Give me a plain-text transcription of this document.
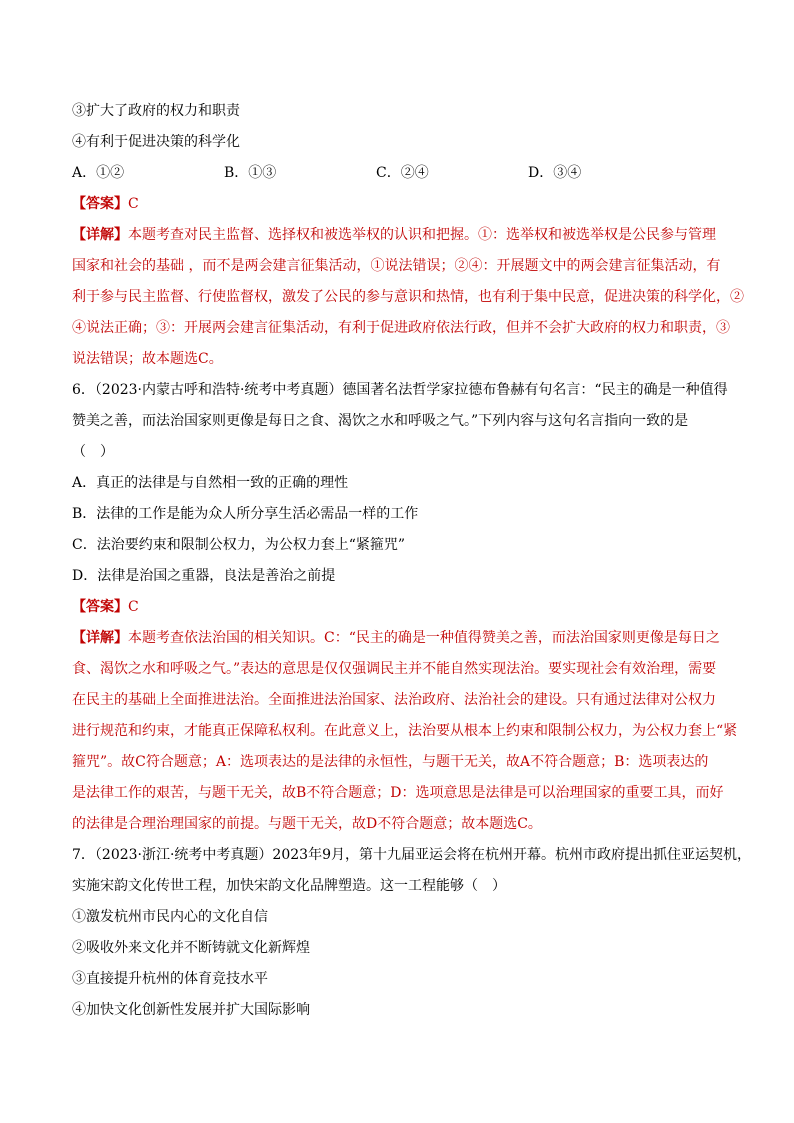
③扩大了政府的权力和职责
④有利于促进决策的科学化
A．①②	B．①③	C．②④	D．③④
【答案】C
【详解】本题考查对民主监督、选择权和被选举权的认识和把握。①：选举权和被选举权是公民参与管理
国家和社会的基础 ，而不是两会建言征集活动，①说法错误；②④：开展题文中的两会建言征集活动，有
利于参与民主监督、行使监督权，激发了公民的参与意识和热情，也有利于集中民意，促进决策的科学化，②
④说法正确；③：开展两会建言征集活动，有利于促进政府依法行政，但并不会扩大政府的权力和职责，③
说法错误；故本题选C。
6．（2023·内蒙古呼和浩特·统考中考真题）德国著名法哲学家拉德布鲁赫有句名言：“民主的确是一种值得
赞美之善，而法治国家则更像是每日之食、渴饮之水和呼吸之气。”下列内容与这句名言指向一致的是
（　）
A．真正的法律是与自然相一致的正确的理性
B．法律的工作是能为众人所分享生活必需品一样的工作
C．法治要约束和限制公权力，为公权力套上“紧箍咒”
D．法律是治国之重器，良法是善治之前提
【答案】C
【详解】本题考查依法治国的相关知识。C：“民主的确是一种值得赞美之善，而法治国家则更像是每日之
食、渴饮之水和呼吸之气。”表达的意思是仅仅强调民主并不能自然实现法治。要实现社会有效治理，需要
在民主的基础上全面推进法治。全面推进法治国家、法治政府、法治社会的建设。只有通过法律对公权力
进行规范和约束，才能真正保障私权利。在此意义上，法治要从根本上约束和限制公权力，为公权力套上“紧
箍咒”。故C符合题意；A：选项表达的是法律的永恒性，与题干无关，故A不符合题意；B：选项表达的
是法律工作的艰苦，与题干无关，故B不符合题意；D：选项意思是法律是可以治理国家的重要工具，而好
的法律是合理治理国家的前提。与题干无关，故D不符合题意；故本题选C。
7．（2023·浙江·统考中考真题）2023年9月，第十九届亚运会将在杭州开幕。杭州市政府提出抓住亚运契机，
实施宋韵文化传世工程，加快宋韵文化品牌塑造。这一工程能够（　）
①激发杭州市民内心的文化自信
②吸收外来文化并不断铸就文化新辉煌
③直接提升杭州的体育竞技水平
④加快文化创新性发展并扩大国际影响
